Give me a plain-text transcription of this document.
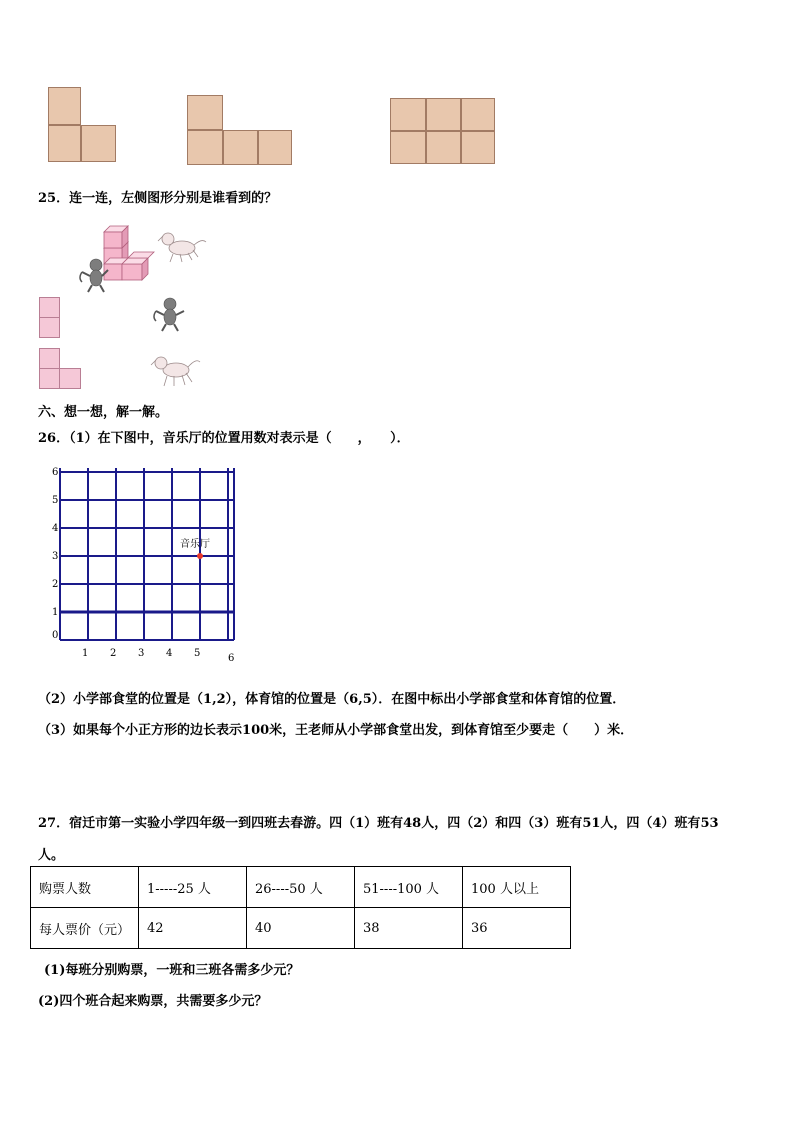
25．连一连，左侧图形分别是谁看到的？
六、想一想，解一解。
26．（1）在下图中，音乐厅的位置用数对表示是（　　，　　）．
1 2 3 4 5	6
0
1
2
3
4
5
6
音乐厅
（2）小学部食堂的位置是（1,2），体育馆的位置是（6,5）．在图中标出小学部食堂和体育馆的位置．
（3）如果每个小正方形的边长表示100米，王老师从小学部食堂出发，到体育馆至少要走（　　）米．
27．宿迁市第一实验小学四年级一到四班去春游。四（1）班有48人，四（2）和四（3）班有51人，四（4）班有53
人。
购票人数	1-----25 人	26----50 人	51----100 人	100 人以上
每人票价（元）	42	40	38	36
(1)每班分别购票，一班和三班各需多少元？
(2)四个班合起来购票，共需要多少元？
